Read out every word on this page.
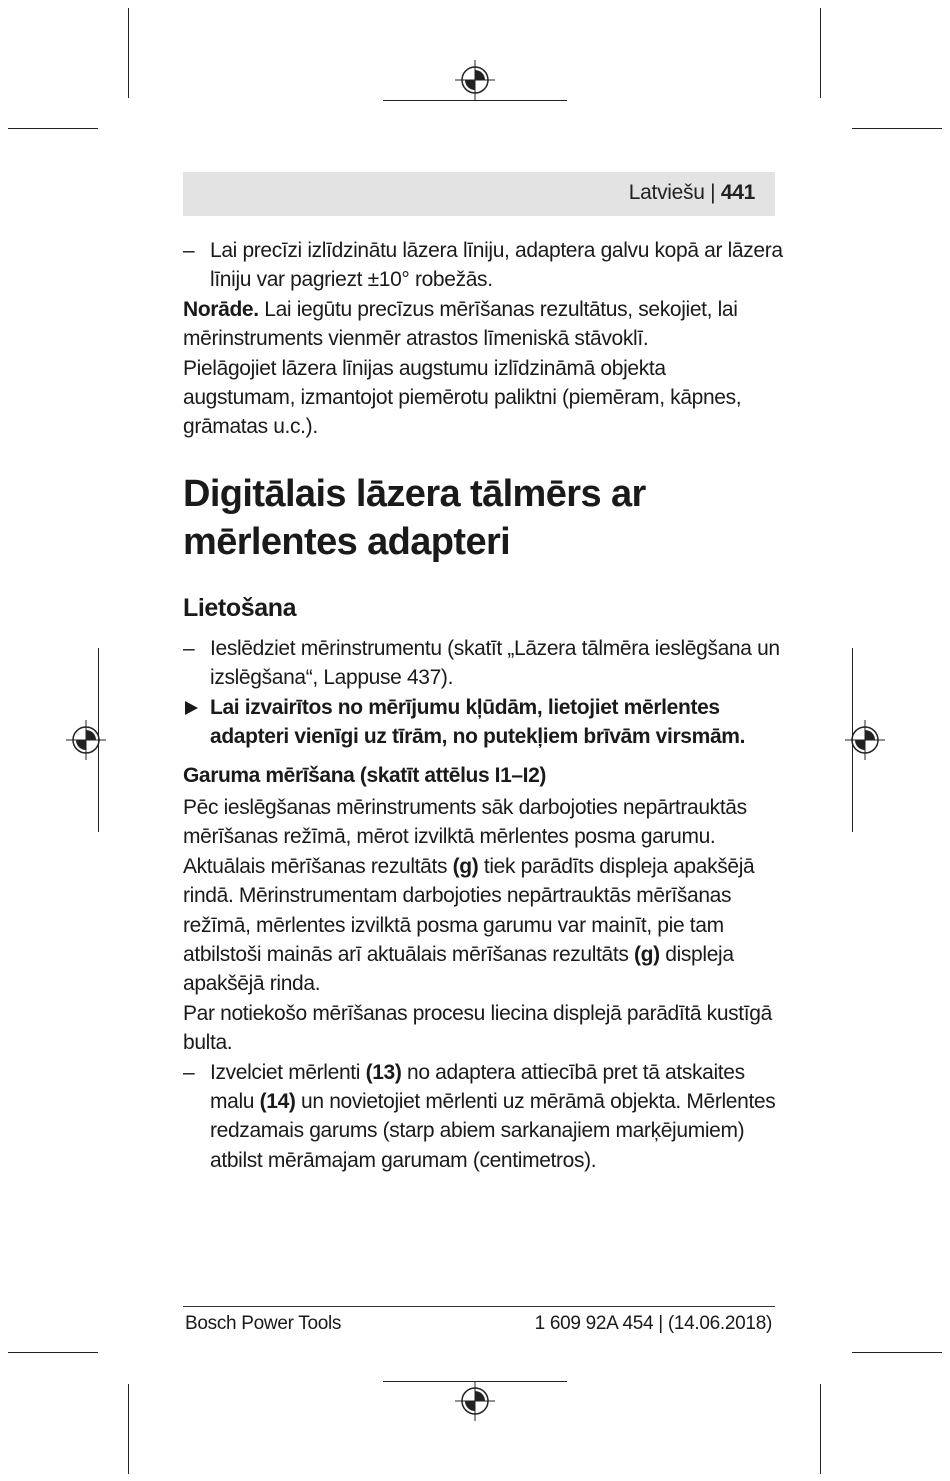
Latviešu | 441
– Lai precīzi izlīdzinātu lāzera līniju, adaptera galvu kopā ar lāzera līniju var pagriezt ±10° robežās.

Norāde. Lai iegūtu precīzus mērīšanas rezultātus, sekojiet, lai mērinstruments vienmēr atrastos līmeniskā stāvoklī.

Pielāgojiet lāzera līnijas augstumu izlīdzināmā objekta augstumam, izmantojot piemērotu paliktni (piemēram, kāpnes, grāmatas u.c.).

Digitālais lāzera tālmērs ar mērlentes adapteri
Lietošana
– Ieslēdziet mērinstrumentu (skatīt „Lāzera tālmēra ieslēgšana un izslēgšana“, Lappuse 437).
Lai izvairītos no mērījumu kļūdām, lietojiet mērlentes adapteri vienīgi uz tīrām, no putekļiem brīvām virsmām.
Garuma mērīšana (skatīt attēlus I1–I2)

Pēc ieslēgšanas mērinstruments sāk darbojoties nepārtrauktās mērīšanas režīmā, mērot izvilktā mērlentes posma garumu. Aktuālais mērīšanas rezultāts (g) tiek parādīts displeja apakšējā rindā. Mērinstrumentam darbojoties nepārtrauktās mērīšanas režīmā, mērlentes izvilktā posma garumu var mainīt, pie tam atbilstoši mainās arī aktuālais mērīšanas rezultāts (g) displeja apakšējā rinda.

Par notiekošo mērīšanas procesu liecina displejā parādītā kustīgā bulta.

– Izvelciet mērlenti (13) no adaptera attiecībā pret tā atskaites malu (14) un novietojiet mērlenti uz mērāmā objekta. Mērlentes redzamais garums (starp abiem sarkanajiem marķējumiem) atbilst mērāmajam garumam (centimetros).
Bosch Power Tools	1 609 92A 454 | (14.06.2018)
